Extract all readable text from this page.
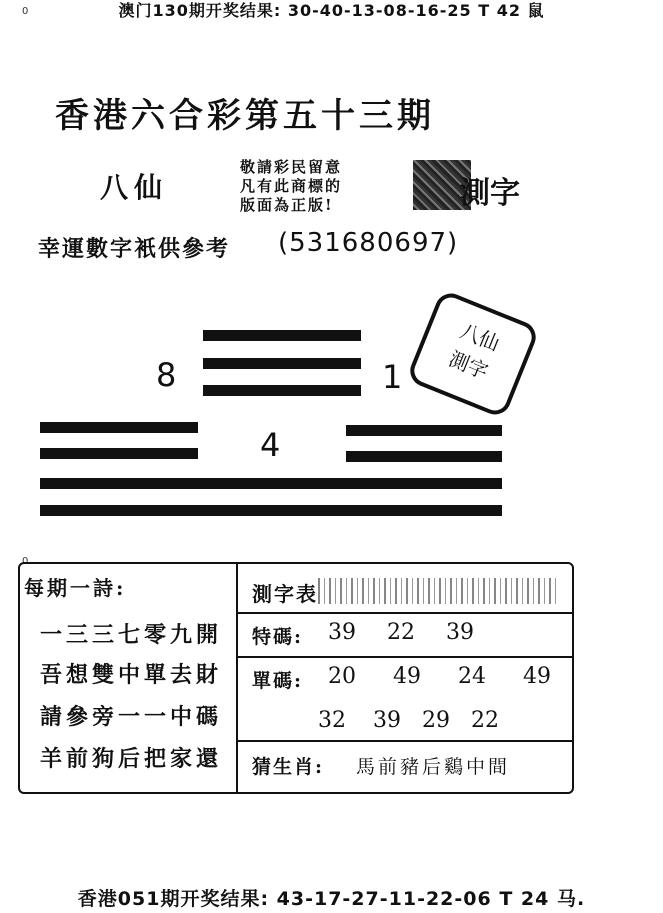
0	澳门130期开奖结果: 30-40-13-08-16-25 T 42 鼠
香港六合彩第五十三期
八仙
敬請彩民留意
凡有此商標的
版面為正版!	測字
幸運數字衹供參考 (531680697)
8	1
4
八仙
測字
0
每期一詩:
一三三七零九開
吾想雙中單去財
請參旁一一中碼
羊前狗后把家還
測字表
特碼: 39 22 39
單碼: 20 49 24 49
32 39 29 22
猜生肖: 馬前豬后鷄中間
香港051期开奖结果: 43-17-27-11-22-06 T 24 马.
